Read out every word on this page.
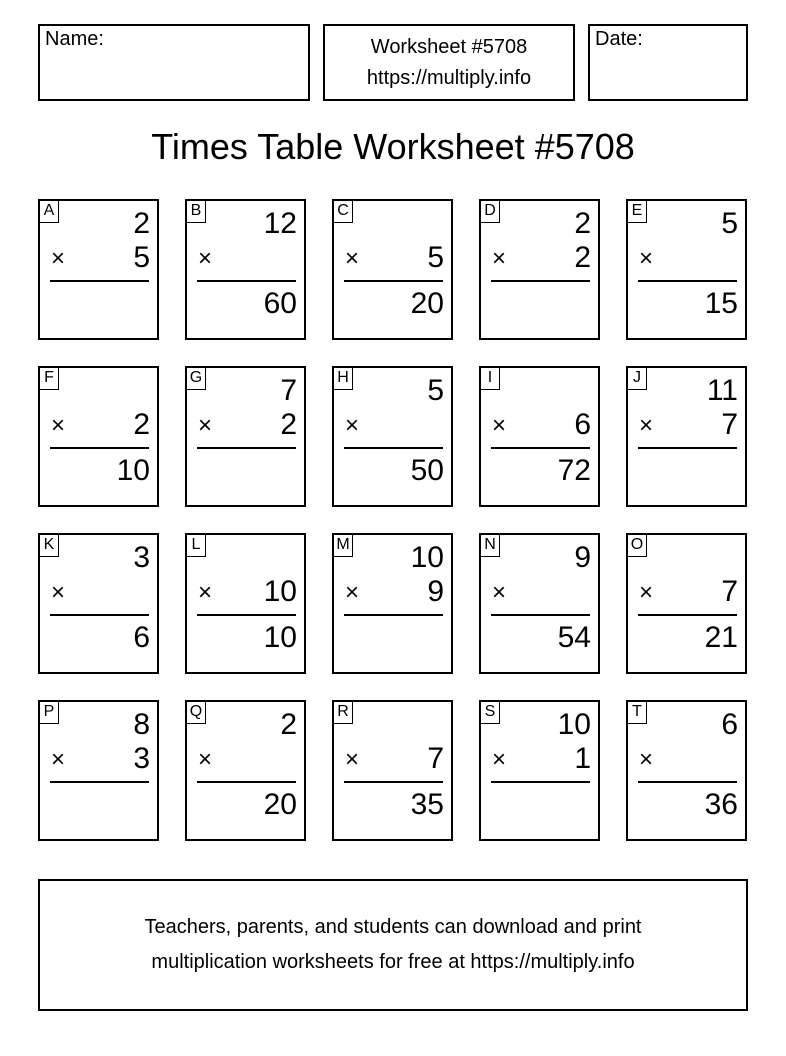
Name:	Worksheet #5708
https://multiply.info
Date:
Times Table Worksheet #5708
A	2
× 5
B 12
×
60
C
× 5
20
D	2
× 2
E	5
×
15
F
× 2
10
G	7
× 2
H	5
×
50
I
× 6
72
J 11
× 7
K	3
×
6
L
× 10
10
M 10
× 9
N	9
×
54
O
× 7
21
P	8
× 3
Q	2
×
20
R
× 7
35
S 10
× 1
T	6
×
36
Teachers, parents, and students can download and print
multiplication worksheets for free at https://multiply.info
